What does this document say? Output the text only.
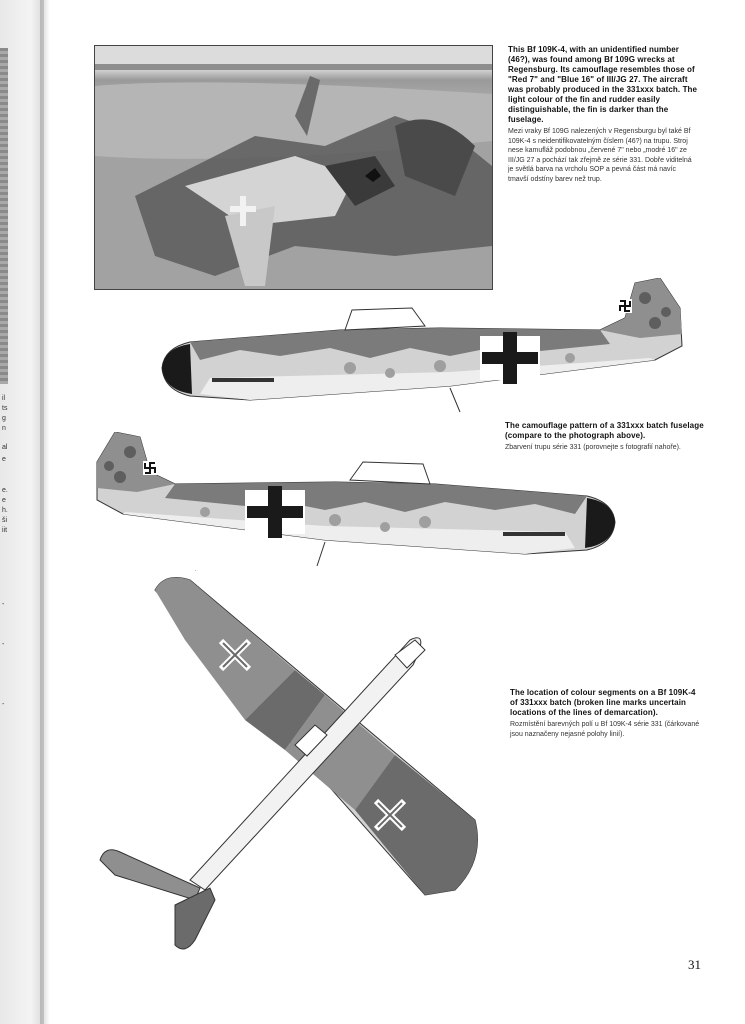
il
ts
g
n
al
e
e.
e
h.
ši
iit
-
-
-
This Bf 109K-4, with an unidentified number (46?), was found among Bf 109G wrecks at Regensburg. Its camouflage resembles those of "Red 7" and "Blue 16" of III/JG 27. The aircraft was probably produced in the 331xxx batch. The light colour of the fin and rudder easily distinguishable, the fin is darker than the fuselage.
Mezi vraky Bf 109G nalezených v Regensburgu byl také Bf 109K-4 s neidentifikovatelným číslem (46?) na trupu. Stroj nese kamufláž podobnou „červené 7" nebo „modré 16" ze III/JG 27 a pochází tak zřejmě ze série 331. Dobře viditelná je světlá barva na vrcholu SOP a pevná část má navíc tmavší odstíny barev než trup.
The camouflage pattern of a 331xxx batch fuselage (compare to the photograph above).
Zbarvení trupu série 331 (porovnejte s fotografií nahoře).
The location of colour segments on a Bf 109K-4 of 331xxx batch (broken line marks uncertain locations of the lines of demarcation).
Rozmístění barevných polí u Bf 109K-4 série 331 (čárkované jsou naznačeny nejasné polohy linií).
31
